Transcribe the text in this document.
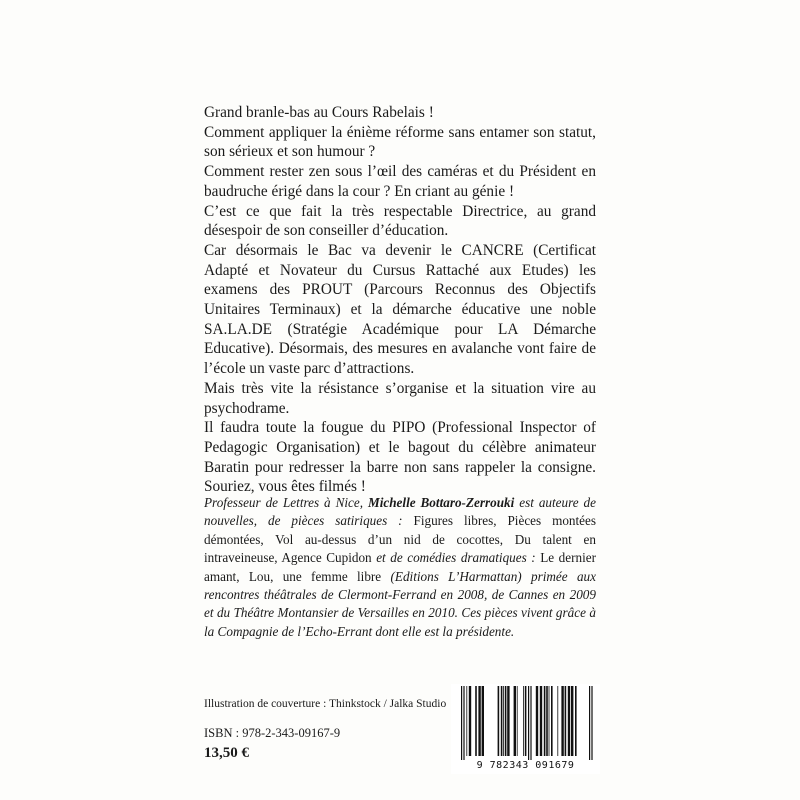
Grand branle-bas au Cours Rabelais !

Comment appliquer la énième réforme sans entamer son statut, son sérieux et son humour ?

Comment rester zen sous l’œil des caméras et du Président en baudruche érigé dans la cour ? En criant au génie !

C’est ce que fait la très respectable Directrice, au grand désespoir de son conseiller d’éducation.

Car désormais le Bac va devenir le CANCRE (Certificat Adapté et Novateur du Cursus Rattaché aux Etudes) les examens des PROUT (Parcours Reconnus des Objectifs Unitaires Terminaux) et la démarche éducative une noble SA.LA.DE (Stratégie Académique pour LA Démarche Educative). Désormais, des mesures en avalanche vont faire de l’école un vaste parc d’attractions.

Mais très vite la résistance s’organise et la situation vire au psychodrame.

Il faudra toute la fougue du PIPO (Professional Inspector of Pedagogic Organisation) et le bagout du célèbre animateur Baratin pour redresser la barre non sans rappeler la consigne. Souriez, vous êtes filmés !

Professeur de Lettres à Nice, Michelle Bottaro-Zerrouki est auteure de nouvelles, de pièces satiriques : Figures libres, Pièces montées démontées, Vol au-dessus d’un nid de cocottes, Du talent en intraveineuse, Agence Cupidon et de comédies dramatiques : Le dernier amant, Lou, une femme libre (Editions L’Harmattan) primée aux rencontres théâtrales de Clermont-Ferrand en 2008, de Cannes en 2009 et du Théâtre Montansier de Versailles en 2010. Ces pièces vivent grâce à la Compagnie de l’Echo-Errant dont elle est la présidente.

Illustration de couverture : Thinkstock / Jalka Studio
ISBN : 978-2-343-09167-9
13,50 €
9 782343 091679
